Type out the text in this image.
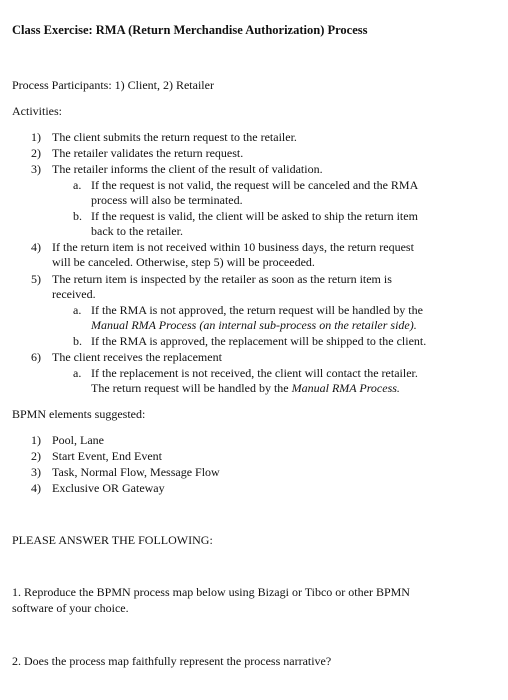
Class Exercise: RMA (Return Merchandise Authorization) Process
Process Participants: 1) Client, 2) Retailer
Activities:
1) The client submits the return request to the retailer.
2) The retailer validates the return request.
3) The retailer informs the client of the result of validation.
a. If the request is not valid, the request will be canceled and the RMA
process will also be terminated.
b. If the request is valid, the client will be asked to ship the return item
back to the retailer.
4) If the return item is not received within 10 business days, the return request
will be canceled. Otherwise, step 5) will be proceeded.
5) The return item is inspected by the retailer as soon as the return item is
received.
a. If the RMA is not approved, the return request will be handled by the
Manual RMA Process (an internal sub-process on the retailer side).
b. If the RMA is approved, the replacement will be shipped to the client.
6) The client receives the replacement
a. If the replacement is not received, the client will contact the retailer.
The return request will be handled by the Manual RMA Process.
BPMN elements suggested:
1) Pool, Lane
2) Start Event, End Event
3) Task, Normal Flow, Message Flow
4) Exclusive OR Gateway
PLEASE ANSWER THE FOLLOWING:
1. Reproduce the BPMN process map below using Bizagi or Tibco or other BPMN
software of your choice.
2. Does the process map faithfully represent the process narrative?
